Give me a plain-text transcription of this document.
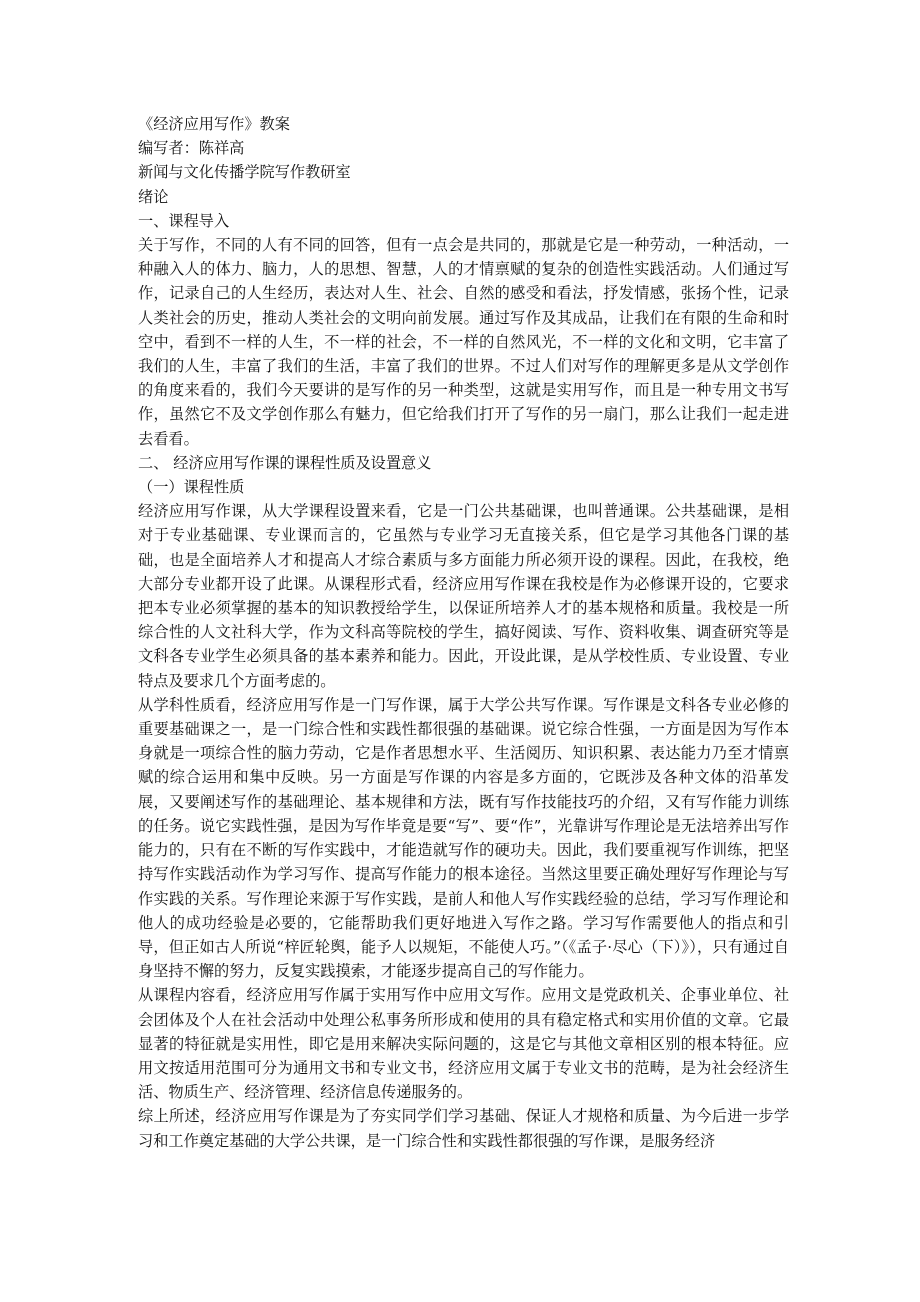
《经济应用写作》教案

编写者：陈祥高

新闻与文化传播学院写作教研室

绪论

一、课程导入

关于写作，不同的人有不同的回答，但有一点会是共同的，那就是它是一种劳动，一种活动，一种融入人的体力、脑力，人的思想、智慧，人的才情禀赋的复杂的创造性实践活动。人们通过写作，记录自己的人生经历，表达对人生、社会、自然的感受和看法，抒发情感，张扬个性，记录人类社会的历史，推动人类社会的文明向前发展。通过写作及其成品，让我们在有限的生命和时空中，看到不一样的人生，不一样的社会，不一样的自然风光，不一样的文化和文明，它丰富了我们的人生，丰富了我们的生活，丰富了我们的世界。不过人们对写作的理解更多是从文学创作的角度来看的，我们今天要讲的是写作的另一种类型，这就是实用写作，而且是一种专用文书写作，虽然它不及文学创作那么有魅力，但它给我们打开了写作的另一扇门，那么让我们一起走进去看看。

二、 经济应用写作课的课程性质及设置意义

（一）课程性质

经济应用写作课，从大学课程设置来看，它是一门公共基础课，也叫普通课。公共基础课，是相对于专业基础课、专业课而言的，它虽然与专业学习无直接关系，但它是学习其他各门课的基础，也是全面培养人才和提高人才综合素质与多方面能力所必须开设的课程。因此，在我校，绝大部分专业都开设了此课。从课程形式看，经济应用写作课在我校是作为必修课开设的，它要求把本专业必须掌握的基本的知识教授给学生，以保证所培养人才的基本规格和质量。我校是一所综合性的人文社科大学，作为文科高等院校的学生，搞好阅读、写作、资料收集、调查研究等是文科各专业学生必须具备的基本素养和能力。因此，开设此课，是从学校性质、专业设置、专业特点及要求几个方面考虑的。

从学科性质看，经济应用写作是一门写作课，属于大学公共写作课。写作课是文科各专业必修的重要基础课之一，是一门综合性和实践性都很强的基础课。说它综合性强，一方面是因为写作本身就是一项综合性的脑力劳动，它是作者思想水平、生活阅历、知识积累、表达能力乃至才情禀赋的综合运用和集中反映。另一方面是写作课的内容是多方面的，它既涉及各种文体的沿革发展，又要阐述写作的基础理论、基本规律和方法，既有写作技能技巧的介绍，又有写作能力训练的任务。说它实践性强，是因为写作毕竟是要“写”、要“作”，光靠讲写作理论是无法培养出写作能力的，只有在不断的写作实践中，才能造就写作的硬功夫。因此，我们要重视写作训练，把坚持写作实践活动作为学习写作、提高写作能力的根本途径。当然这里要正确处理好写作理论与写作实践的关系。写作理论来源于写作实践，是前人和他人写作实践经验的总结，学习写作理论和他人的成功经验是必要的，它能帮助我们更好地进入写作之路。学习写作需要他人的指点和引导，但正如古人所说“梓匠轮舆，能予人以规矩，不能使人巧。”（《孟子·尽心（下）》），只有通过自身坚持不懈的努力，反复实践摸索，才能逐步提高自己的写作能力。

从课程内容看，经济应用写作属于实用写作中应用文写作。应用文是党政机关、企事业单位、社会团体及个人在社会活动中处理公私事务所形成和使用的具有稳定格式和实用价值的文章。它最显著的特征就是实用性，即它是用来解决实际问题的，这是它与其他文章相区别的根本特征。应用文按适用范围可分为通用文书和专业文书，经济应用文属于专业文书的范畴，是为社会经济生活、物质生产、经济管理、经济信息传递服务的。

综上所述，经济应用写作课是为了夯实同学们学习基础、保证人才规格和质量、为今后进一步学习和工作奠定基础的大学公共课，是一门综合性和实践性都很强的写作课，是服务经济
